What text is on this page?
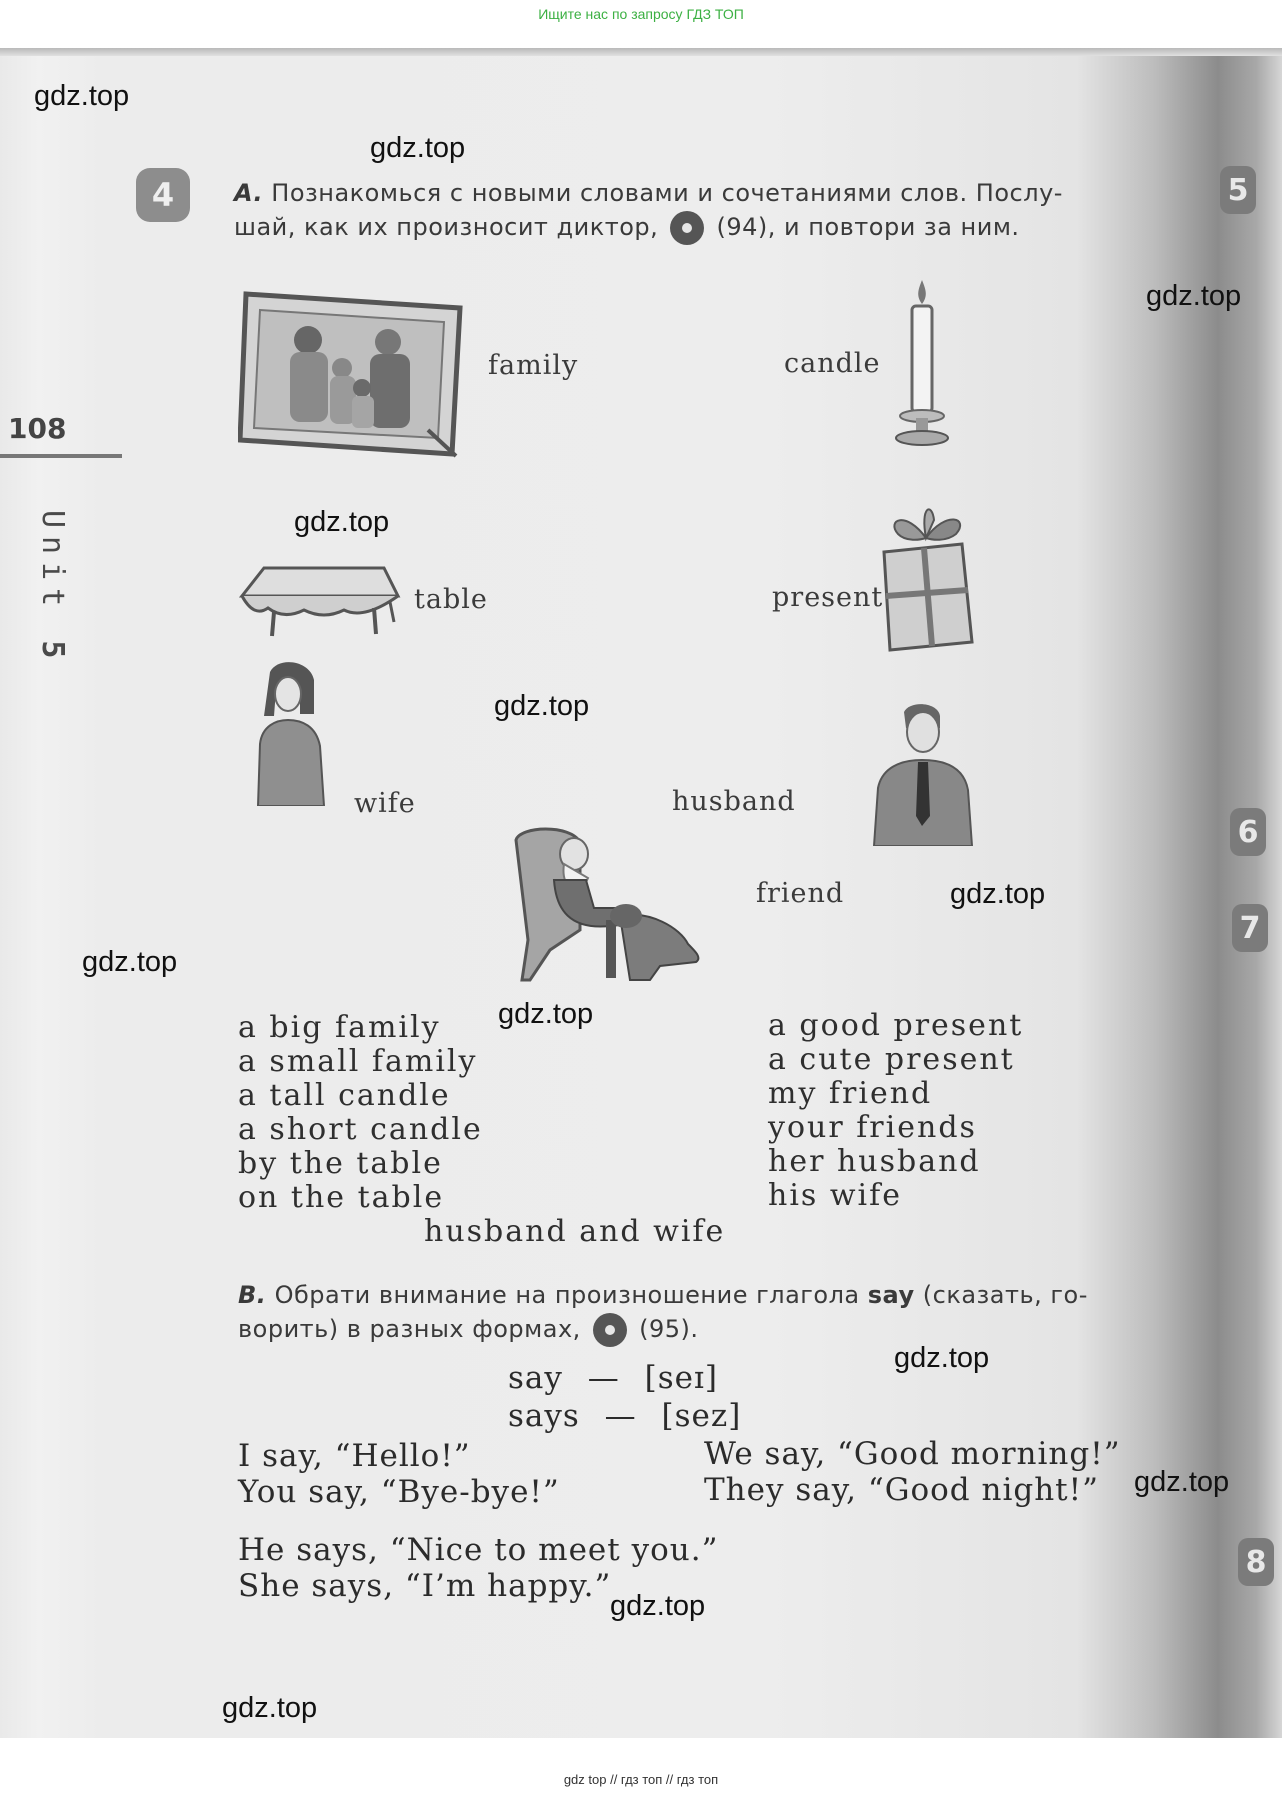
Ищите нас по запросу ГДЗ ТОП
5
6
7
8
108
Unit 5
4	A. Познакомься с новыми словами и сочетаниями слов. Послу-
шай, как их произносит диктор, (94), и повтори за ним.
family	candle
table	present
wife	husband
friend
a big family
a small family
a tall candle
a short candle
by the table
on the table
a good present
a cute present
my friend
your friends
her husband
his wife
husband and wife
B. Обрати внимание на произношение глагола say (сказать, го-
ворить) в разных формах, (95).
say — [seɪ]
says — [sez]
I say, “Hello!”
You say, “Bye-bye!”
We say, “Good morning!”
They say, “Good night!”
He says, “Nice to meet you.”
She says, “I’m happy.”
gdz.top
gdz.top
gdz.top
gdz.top
gdz.top
gdz.top
gdz.top
gdz.top
gdz.top
gdz.top
gdz.top
gdz.top
gdz top // гдз топ // гдз топ
